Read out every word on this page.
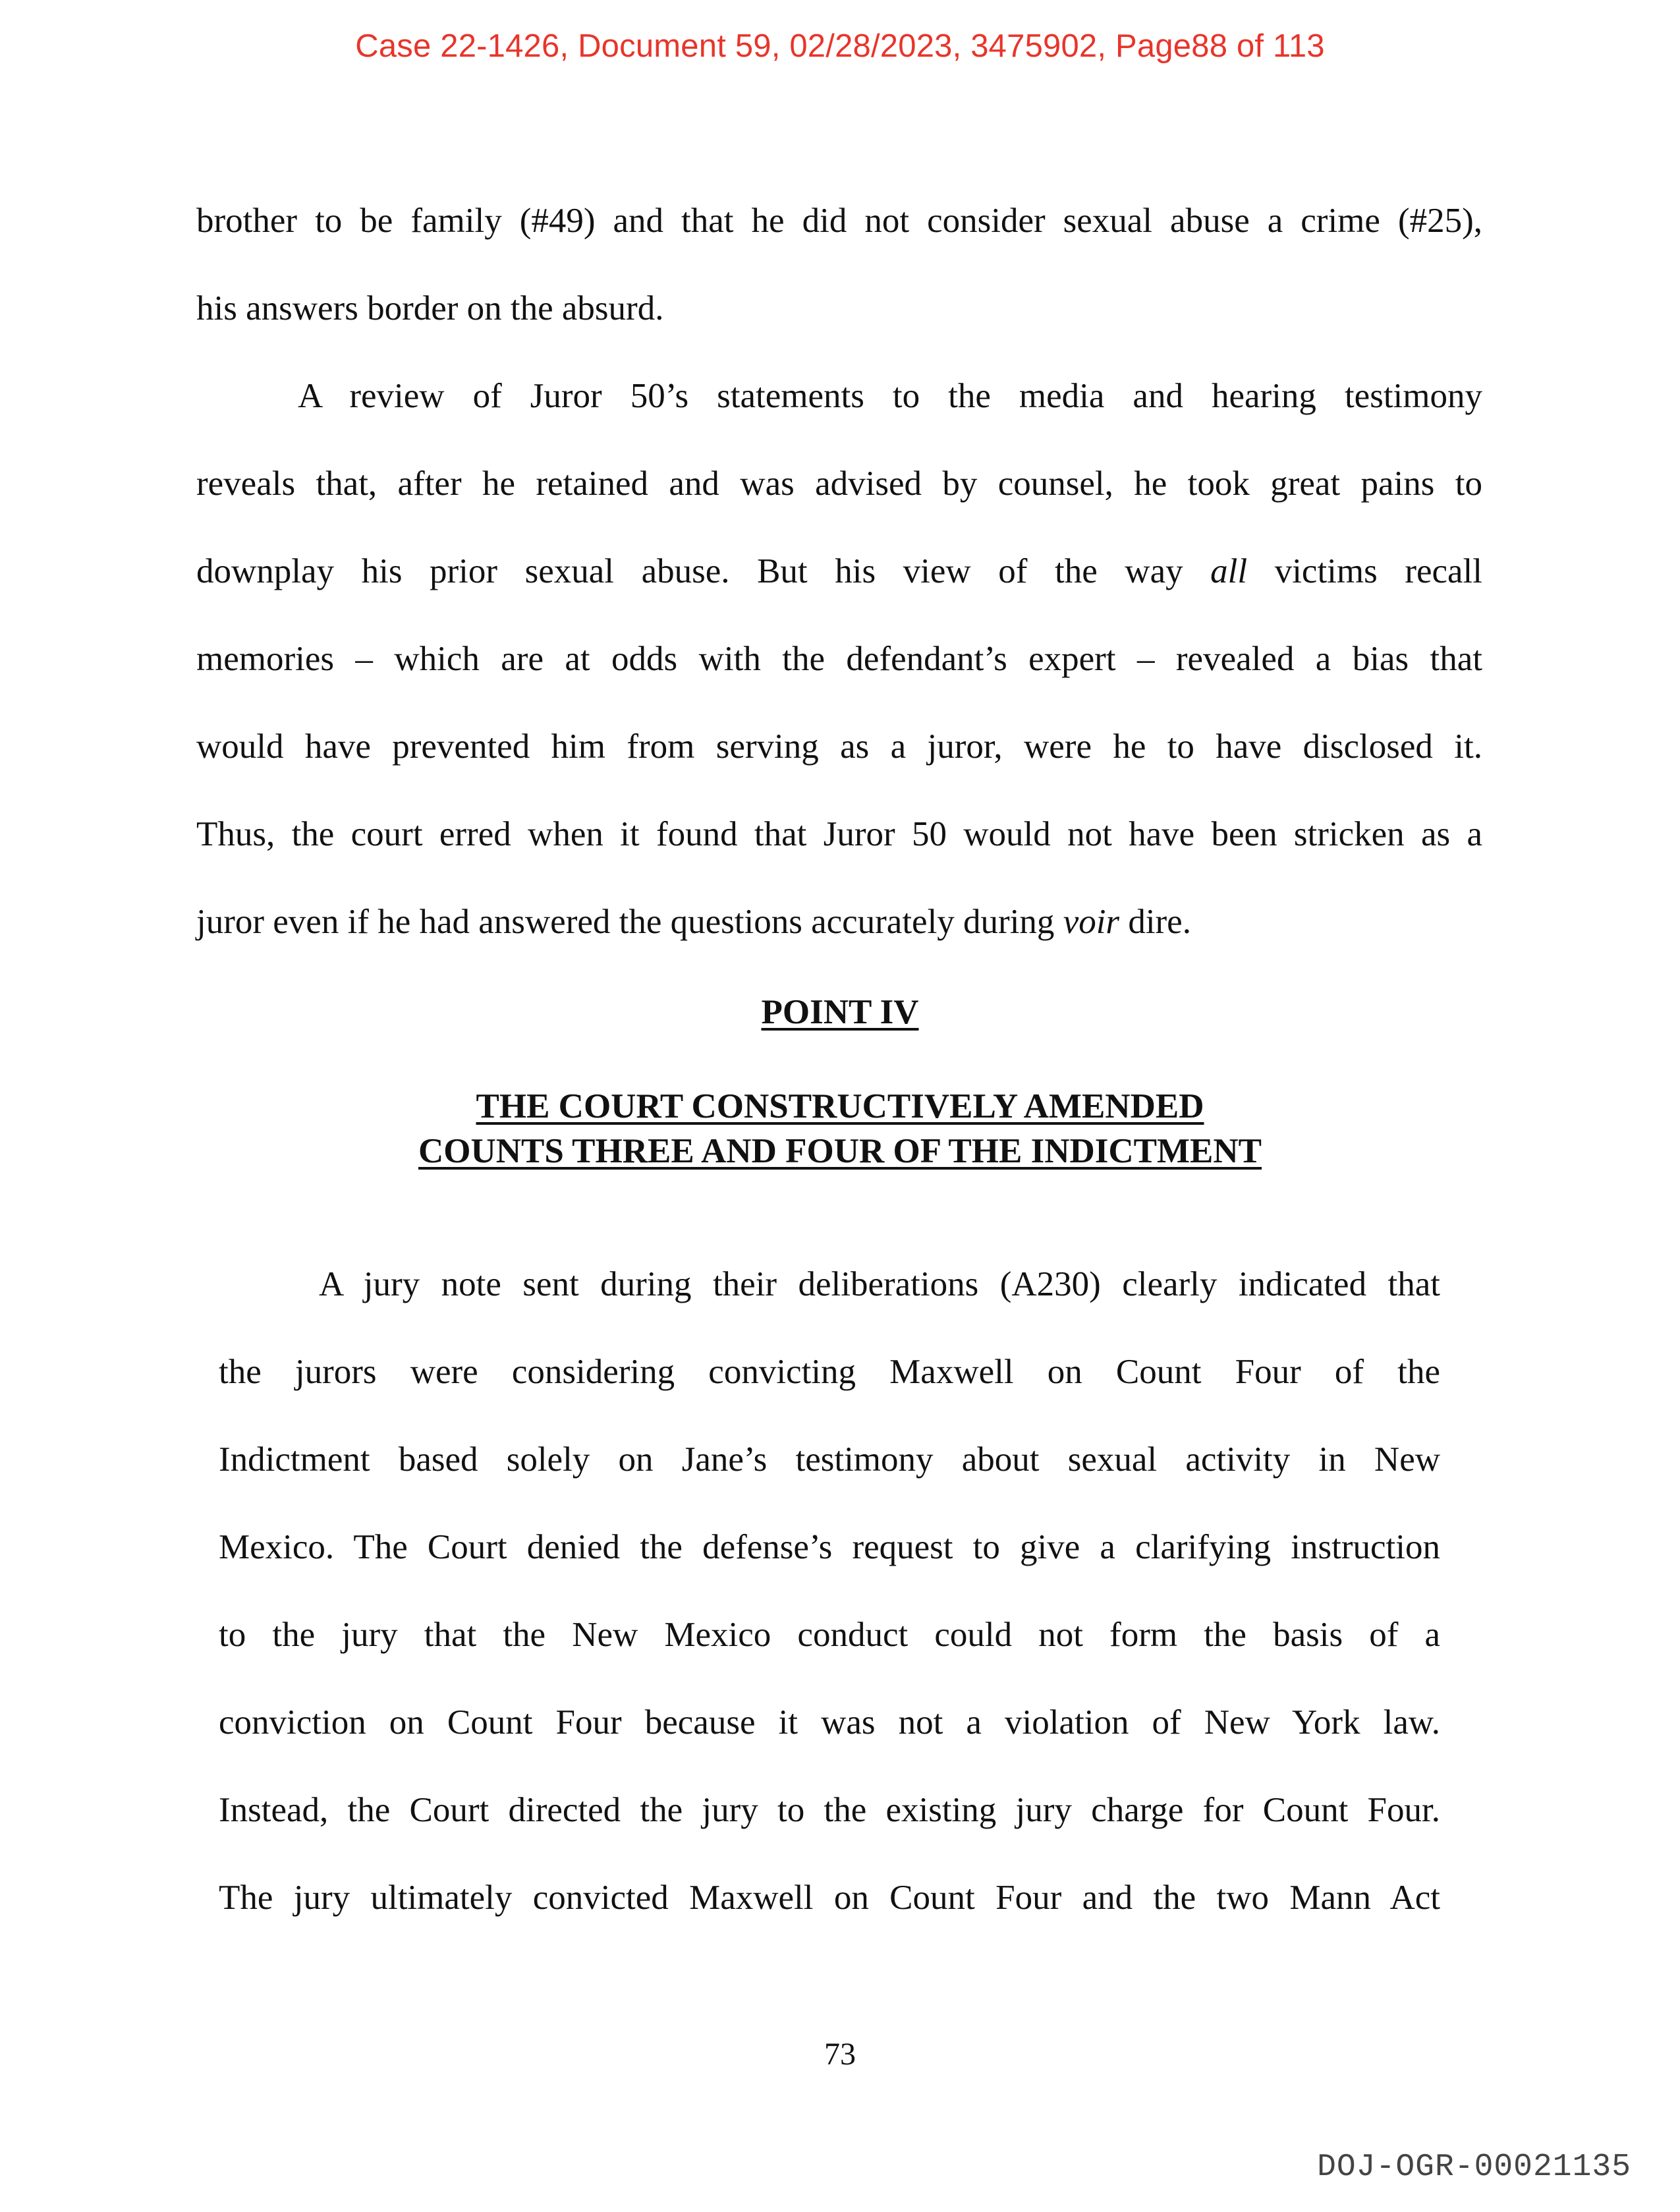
Case 22-1426, Document 59, 02/28/2023, 3475902, Page88 of 113
brother to be family (#49) and that he did not consider sexual abuse a crime (#25),
his answers border on the absurd.
A review of Juror 50’s statements to the media and hearing testimony
reveals that, after he retained and was advised by counsel, he took great pains to
downplay his prior sexual abuse. But his view of the way all victims recall
memories – which are at odds with the defendant’s expert – revealed a bias that
would have prevented him from serving as a juror, were he to have disclosed it.
Thus, the court erred when it found that Juror 50 would not have been stricken as a
juror even if he had answered the questions accurately during voir dire.
POINT IV
THE COURT CONSTRUCTIVELY AMENDED
COUNTS THREE AND FOUR OF THE INDICTMENT
A jury note sent during their deliberations (A230) clearly indicated that
the jurors were considering convicting Maxwell on Count Four of the
Indictment based solely on Jane’s testimony about sexual activity in New
Mexico. The Court denied the defense’s request to give a clarifying instruction
to the jury that the New Mexico conduct could not form the basis of a
conviction on Count Four because it was not a violation of New York law.
Instead, the Court directed the jury to the existing jury charge for Count Four.
The jury ultimately convicted Maxwell on Count Four and the two Mann Act
73
DOJ-OGR-00021135
